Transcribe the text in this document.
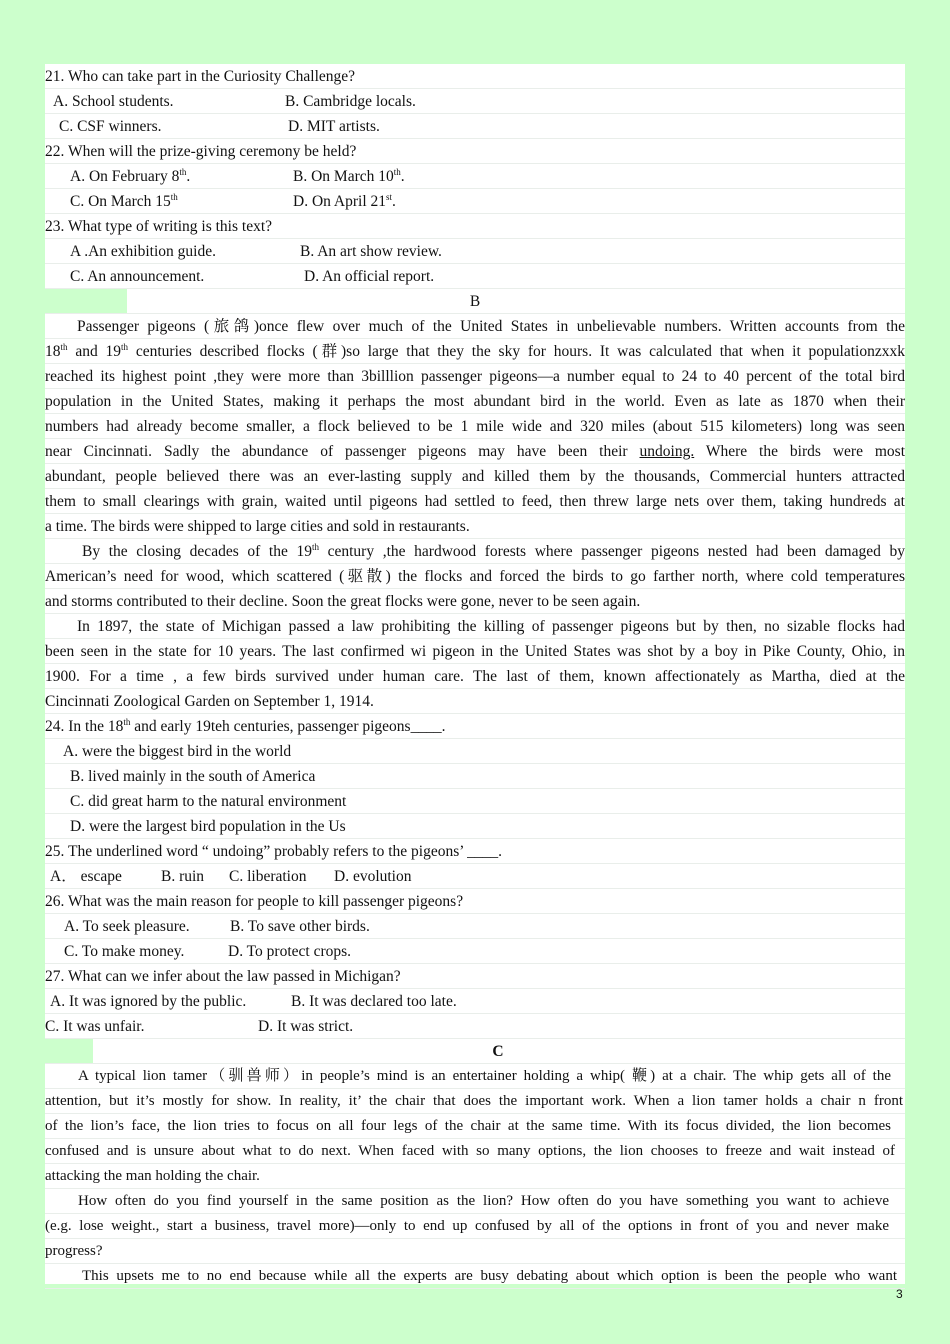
21. Who can take part in the Curiosity Challenge?
A. School students.	B. Cambridge locals.
C. CSF winners.	D. MIT artists.
22. When will the prize-giving ceremony be held?
A. On February 8th.	B. On March 10th.
C. On March 15th	D. On April 21st.
23. What type of writing is this text?
A .An exhibition guide.	B. An art show review.
C. An announcement.	D. An official report.
B
Passenger pigeons (旅鸽)once flew over much of the United States in unbelievable numbers. Written accounts from the
18th and 19th centuries described flocks (群)so large that they the sky for hours. It was calculated that when it populationzxxk
reached its highest point ,they were more than 3billlion passenger pigeons—a number equal to 24 to 40 percent of the total bird
population in the United States, making it perhaps the most abundant bird in the world. Even as late as 1870 when their
numbers had already become smaller, a flock believed to be 1 mile wide and 320 miles (about 515 kilometers) long was seen
near Cincinnati. Sadly the abundance of passenger pigeons may have been their undoing. Where the birds were most
abundant, people believed there was an ever-lasting supply and killed them by the thousands, Commercial hunters attracted
them to small clearings with grain, waited until pigeons had settled to feed, then threw large nets over them, taking hundreds at
a time. The birds were shipped to large cities and sold in restaurants.
By the closing decades of the 19th century ,the hardwood forests where passenger pigeons nested had been damaged by
American’s need for wood, which scattered (驱散) the flocks and forced the birds to go farther north, where cold temperatures
and storms contributed to their decline. Soon the great flocks were gone, never to be seen again.
In 1897, the state of Michigan passed a law prohibiting the killing of passenger pigeons but by then, no sizable flocks had
been seen in the state for 10 years. The last confirmed wi pigeon in the United States was shot by a boy in Pike County, Ohio, in
1900. For a time , a few birds survived under human care. The last of them, known affectionately as Martha, died at the
Cincinnati Zoological Garden on September 1, 1914.
24. In the 18th and early 19teh centuries, passenger pigeons____.
A. were the biggest bird in the world
B. lived mainly in the south of America
C. did great harm to the natural environment
D. were the largest bird population in the Us
25. The underlined word “ undoing” probably refers to the pigeons’ ____.
A． escape	B. ruin C. liberation D. evolution
26. What was the main reason for people to kill passenger pigeons?
A. To seek pleasure.	B. To save other birds.
C. To make money.	D. To protect crops.
27. What can we infer about the law passed in Michigan?
A. It was ignored by the public.	B. It was declared too late.
C. It was unfair.	D. It was strict.
C
A typical lion tamer（驯兽师）in people’s mind is an entertainer holding a whip( 鞭) at a chair. The whip gets all of the
attention, but it’s mostly for show. In reality, it’ the chair that does the important work. When a lion tamer holds a chair n front
of the lion’s face, the lion tries to focus on all four legs of the chair at the same time. With its focus divided, the lion becomes
confused and is unsure about what to do next. When faced with so many options, the lion chooses to freeze and wait instead of
attacking the man holding the chair.
How often do you find yourself in the same position as the lion? How often do you have something you want to achieve
(e.g. lose weight., start a business, travel more)—only to end up confused by all of the options in front of you and never make
progress?
This upsets me to no end because while all the experts are busy debating about which option is been the people who want
3
